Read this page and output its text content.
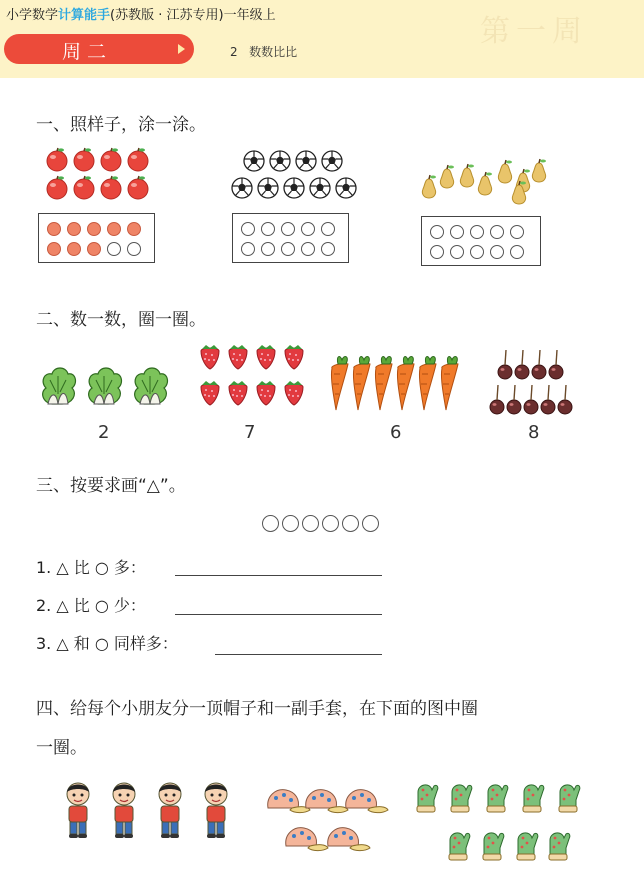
第一周
小学数学计算能手(苏教版 · 江苏专用)一年级上
周二	2 数数比比
一、照样子，涂一涂。
二、数一数，圈一圈。
2	7	6	8
三、按要求画“△”。
1. △ 比 ○ 多：
2. △ 比 ○ 少：
3. △ 和 ○ 同样多：
四、给每个小朋友分一顶帽子和一副手套，在下面的图中圈
一圈。
